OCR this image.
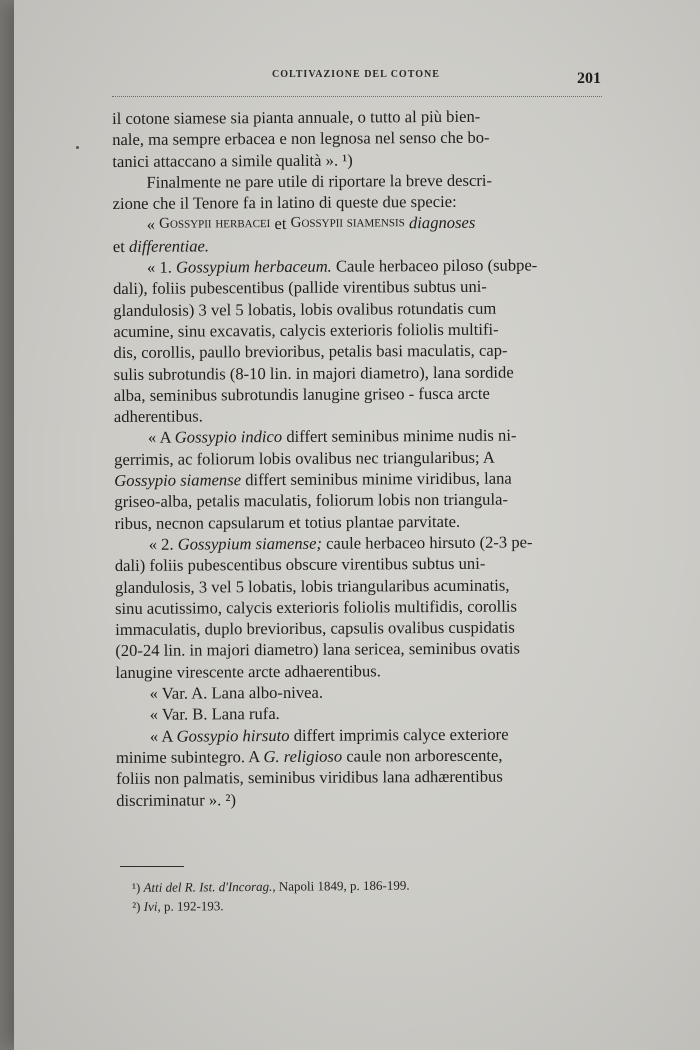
COLTIVAZIONE DEL COTONE	201
il cotone siamese sia pianta annuale, o tutto al più bien-
nale, ma sempre erbacea e non legnosa nel senso che bo-
tanici attaccano a simile qualità ». ¹)
Finalmente ne pare utile di riportare la breve descri-
zione che il Tenore fa in latino di queste due specie:
«
Gossypii herbacei et Gossypii siamensis diagnoses
et differentiae.
« 1. Gossypium herbaceum. Caule herbaceo piloso (subpe-
dali), foliis pubescentibus (pallide virentibus subtus uni-
glandulosis) 3 vel 5 lobatis, lobis ovalibus rotundatis cum
acumine, sinu excavatis, calycis exterioris foliolis multifi-
dis, corollis, paullo brevioribus, petalis basi maculatis, cap-
sulis subrotundis (8-10 lin. in majori diametro), lana sordide
alba, seminibus subrotundis lanugine griseo - fusca arcte
adherentibus.
« A Gossypio indico differt seminibus minime nudis ni-
gerrimis, ac foliorum lobis ovalibus nec triangularibus; A
Gossypio siamense differt seminibus minime viridibus, lana
griseo-alba, petalis maculatis, foliorum lobis non triangula-
ribus, necnon capsularum et totius plantae parvitate.
« 2. Gossypium siamense; caule herbaceo hirsuto (2-3 pe-
dali) foliis pubescentibus obscure virentibus subtus uni-
glandulosis, 3 vel 5 lobatis, lobis triangularibus acuminatis,
sinu acutissimo, calycis exterioris foliolis multifidis, corollis
immaculatis, duplo brevioribus, capsulis ovalibus cuspidatis
(20-24 lin. in majori diametro) lana sericea, seminibus ovatis
lanugine virescente arcte adhaerentibus.
« Var. A. Lana albo-nivea.
« Var. B. Lana rufa.
« A Gossypio hirsuto differt imprimis calyce exteriore
minime subintegro. A G. religioso caule non arborescente,
foliis non palmatis, seminibus viridibus lana adhærentibus
discriminatur ». ²)
¹) Atti del R. Ist. d'Incorag., Napoli 1849, p. 186-199.
²) Ivi, p. 192-193.
